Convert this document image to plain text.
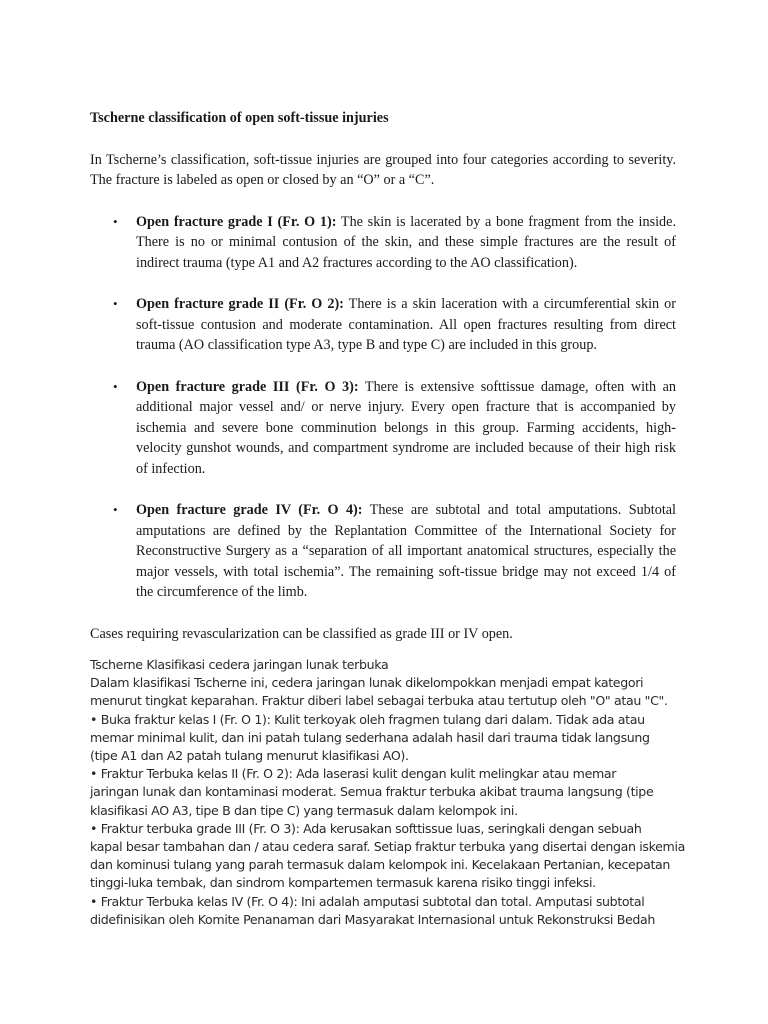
Tscherne classification of open soft-tissue injuries

In Tscherne’s classification, soft-tissue injuries are grouped into four categories according to severity. The fracture is labeled as open or closed by an “O” or a “C”.

• Open fracture grade I (Fr. O 1): The skin is lacerated by a bone fragment from the inside. There is no or minimal contusion of the skin, and these simple fractures are the result of indirect trauma (type A1 and A2 fractures according to the AO classification).
• Open fracture grade II (Fr. O 2): There is a skin laceration with a circumferential skin or soft-tissue contusion and moderate contamination. All open fractures resulting from direct trauma (AO classification type A3, type B and type C) are included in this group.
• Open fracture grade III (Fr. O 3): There is extensive softtissue damage, often with an additional major vessel and/ or nerve injury. Every open fracture that is accompanied by ischemia and severe bone comminution belongs in this group. Farming accidents, high-velocity gunshot wounds, and compartment syndrome are included because of their high risk of infection.
• Open fracture grade IV (Fr. O 4): These are subtotal and total amputations. Subtotal amputations are defined by the Replantation Committee of the International Society for Reconstructive Surgery as a “separation of all important anatomical structures, especially the major vessels, with total ischemia”. The remaining soft-tissue bridge may not exceed 1/4 of the circumference of the limb.

Cases requiring revascularization can be classified as grade III or IV open.

Tscherne Klasifikasi cedera jaringan lunak terbuka
Dalam klasifikasi Tscherne ini, cedera jaringan lunak dikelompokkan menjadi empat kategori
menurut tingkat keparahan. Fraktur diberi label sebagai terbuka atau tertutup oleh "O" atau "C".
• Buka fraktur kelas I (Fr. O 1): Kulit terkoyak oleh fragmen tulang dari dalam. Tidak ada atau
memar minimal kulit, dan ini patah tulang sederhana adalah hasil dari trauma tidak langsung
(tipe A1 dan A2 patah tulang menurut klasifikasi AO).
• Fraktur Terbuka kelas II (Fr. O 2): Ada laserasi kulit dengan kulit melingkar atau memar
jaringan lunak dan kontaminasi moderat. Semua fraktur terbuka akibat trauma langsung (tipe
klasifikasi AO A3, tipe B dan tipe C) yang termasuk dalam kelompok ini.
• Fraktur terbuka grade III (Fr. O 3): Ada kerusakan softtissue luas, seringkali dengan sebuah
kapal besar tambahan dan / atau cedera saraf. Setiap fraktur terbuka yang disertai dengan iskemia
dan kominusi tulang yang parah termasuk dalam kelompok ini. Kecelakaan Pertanian, kecepatan
tinggi-luka tembak, dan sindrom kompartemen termasuk karena risiko tinggi infeksi.
• Fraktur Terbuka kelas IV (Fr. O 4): Ini adalah amputasi subtotal dan total. Amputasi subtotal
didefinisikan oleh Komite Penanaman dari Masyarakat Internasional untuk Rekonstruksi Bedah
